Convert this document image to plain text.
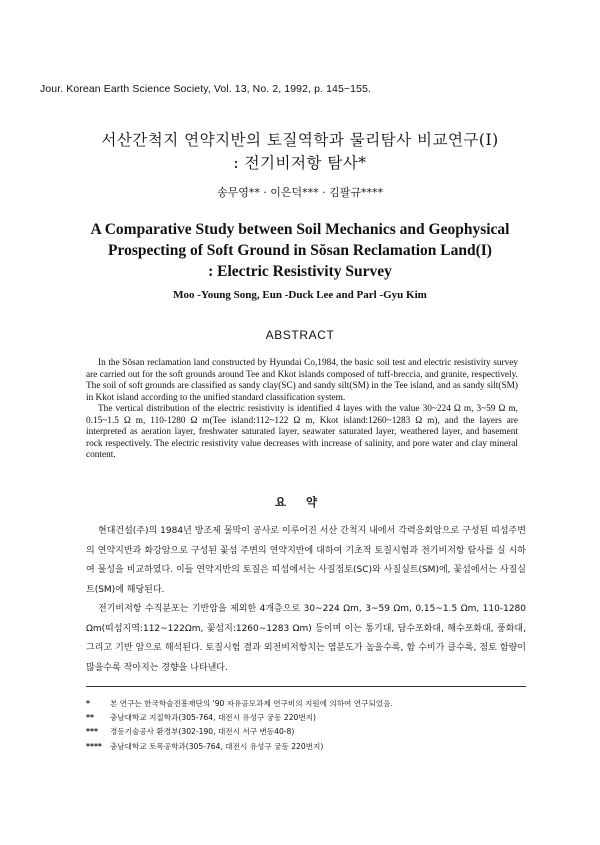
Jour. Korean Earth Science Society, Vol. 13, No. 2, 1992, p. 145~155.
서산간척지 연약지반의 토질역학과 물리탐사 비교연구(I)
: 전기비저항 탐사*
송무영** · 이은덕*** · 김팔규****
A Comparative Study between Soil Mechanics and Geophysical
Prospecting of Soft Ground in Sŏsan Reclamation Land(I)
: Electric Resistivity Survey
Moo -Young Song, Eun -Duck Lee and Parl -Gyu Kim
ABSTRACT

In the Sŏsan reclamation land constructed by Hyundai Co,1984, the basic soil test and electric resistivity survey are carried out for the soft grounds around Tee and Kkot islands composed of tuff-breccia, and granite, respectively. The soil of soft grounds are classified as sandy clay(SC) and sandy silt(SM) in the Tee island, and as sandy silt(SM) in Kkot island according to the unified standard classification system.

The vertical distribution of the electric resistivity is identified 4 layes with the value 30~224 Ω m, 3~59 Ω m, 0.15~1.5 Ω m, 110-1280 Ω m(Tee island:112~122 Ω m, Kkot island:1260~1283 Ω m), and the layers are interpreted as aeration layer, freshwater saturated layer, seawater saturated layer, weathered layer, and basement rock respectively. The electric resistivity value decreases with increase of salinity, and pore water and clay mineral content.

요 약

현대건설(주)의 1984년 방조제 물막이 공사로 이루어진 서산 간척지 내에서 각력응회암으로 구성된 띠섬주변의 연약지반과 화강암으로 구성된 꽃섬 주변의 연약지반에 대하여 기초적 토질시험과 전기비저항 탐사를 실 시하여 물성을 비교하였다. 이들 연약지반의 토질은 띠섬에서는 사질점토(SC)와 사질실트(SM)에, 꽃섬에서는 사질실트(SM)에 해당된다.

전기비저항 수직분포는 기반암을 제외한 4개층으로 30~224 Ωm, 3~59 Ωm, 0.15~1.5 Ωm, 110-1280 Ωm(띠섬지역:112~122Ωm, 꽃섬지:1260~1283 Ωm) 등이며 이는 통기대, 담수포화대, 해수포화대, 풍화대, 그리고 기반 암으로 해석된다. 토질시험 결과 외전비저항치는 염분도가 높을수록, 함 수비가 클수록, 점토 함량이 많을수록 작아지는 경향을 나타낸다.

*	본 연구는 한국학술진흥재단의 '90 자유공모과제 연구비의 지원에 의하여 연구되었음.
**	충남대학교 지질학과(305-764, 대전시 유성구 궁동 220번지)
***	경동기술공사 환경부(302-190, 대전시 서구 변동40-8)
****	충남대학교 토목공학과(305-764, 대전시 유성구 궁동 220번지)
